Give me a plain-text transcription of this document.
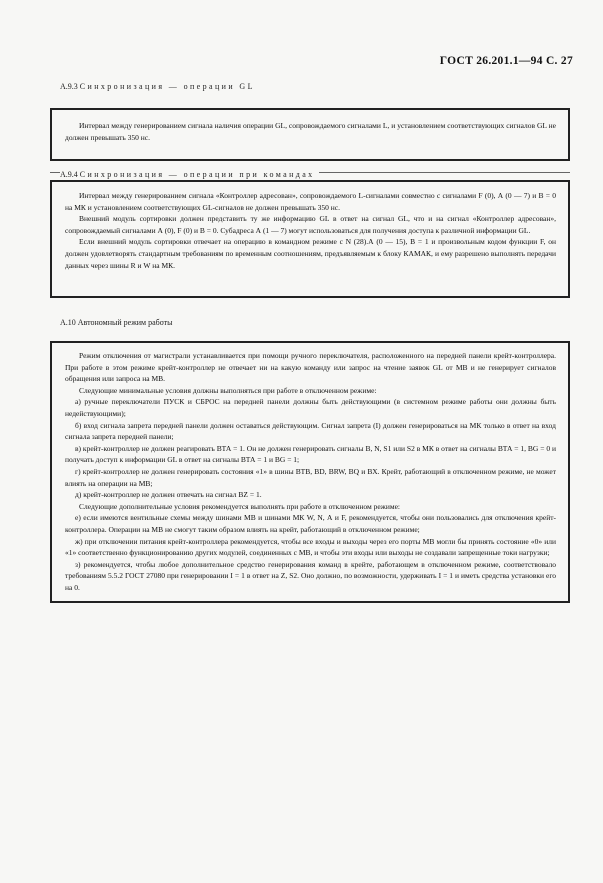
ГОСТ 26.201.1—94 С. 27
А.9.3 Синхронизация — операции GL

Интервал между генерированием сигнала наличия операции GL, сопровождаемого сигналами L, и установлением соответствующих сигналов GL не должен превышать 350 нс.

А.9.4 Синхронизация — операции при командах

Интервал между генерированием сигнала «Контроллер адресован», сопровождаемого L-сигналами совместно с сигналами F (0), А (0 — 7) и В = 0 на МК и установлением соответствующих GL-сигналов не должен превышать 350 нс.

Внешний модуль сортировки должен представить ту же информацию GL в ответ на сигнал GL, что и на сигнал «Контроллер адресован», сопровождаемый сигналами А (0), F (0) и В = 0. Субадреса А (1 — 7) могут использоваться для получения доступа к различной информации GL.

Если внешний модуль сортировки отвечает на операцию в командном режиме с N (28).А (0 — 15), В = 1 и произвольным кодом функции F, он должен удовлетворять стандартным требованиям по временным соотношениям, предъявляемым к блоку КАМАК, и ему разрешено выполнять передачи данных через шины R и W на МК.

А.10 Автономный режим работы

Режим отключения от магистрали устанавливается при помощи ручного переключателя, расположенного на передней панели крейт-контроллера. При работе в этом режиме крейт-контроллер не отвечает ни на какую команду или запрос на чтение заявок GL от МВ и не генерирует сигналов обращения или запроса на МВ.

Следующие минимальные условия должны выполняться при работе в отключенном режиме:

а) ручные переключатели ПУСК и СБРОС на передней панели должны быть действующими (в системном режиме работы они должны быть недействующими);

б) вход сигнала запрета передней панели должен оставаться действующим. Сигнал запрета (I) должен генерироваться на МК только в ответ на вход сигнала запрета передней панели;

в) крейт-контроллер не должен реагировать ВТА = 1. Он не должен генерировать сигналы В, N, S1 или S2 в МК в ответ на сигналы ВТА = 1, BG = 0 и получать доступ к информации GL в ответ на сигналы ВТА = 1 и BG = 1;

г) крейт-контроллер не должен генерировать состояния «1» в шины ВТВ, BD, BRW, BQ и ВХ. Крейт, работающий в отключенном режиме, не может влиять на операции на МВ;

д) крейт-контроллер не должен отвечать на сигнал BZ = 1.

Следующие дополнительные условия рекомендуется выполнять при работе в отключенном режиме:

е) если имеются вентильные схемы между шинами МВ и шинами МК W, N, А и F, рекомендуется, чтобы они пользовались для отключения крейт-контроллера. Операции на МВ не смогут таким образом влиять на крейт, работающий в отключенном режиме;

ж) при отключении питания крейт-контроллера рекомендуется, чтобы все входы и выходы через его порты МВ могли бы принять состояние «0» или «1» соответственно функционированию других модулей, соединенных с МВ, и чтобы эти входы или выходы не создавали запрещенные токи нагрузки;

з) рекомендуется, чтобы любое дополнительное средство генерирования команд в крейте, работающем в отключенном режиме, соответствовало требованиям 5.5.2 ГОСТ 27080 при генерировании I = 1 в ответ на Z, S2. Оно должно, по возможности, удерживать I = 1 и иметь средства установки его на 0.
